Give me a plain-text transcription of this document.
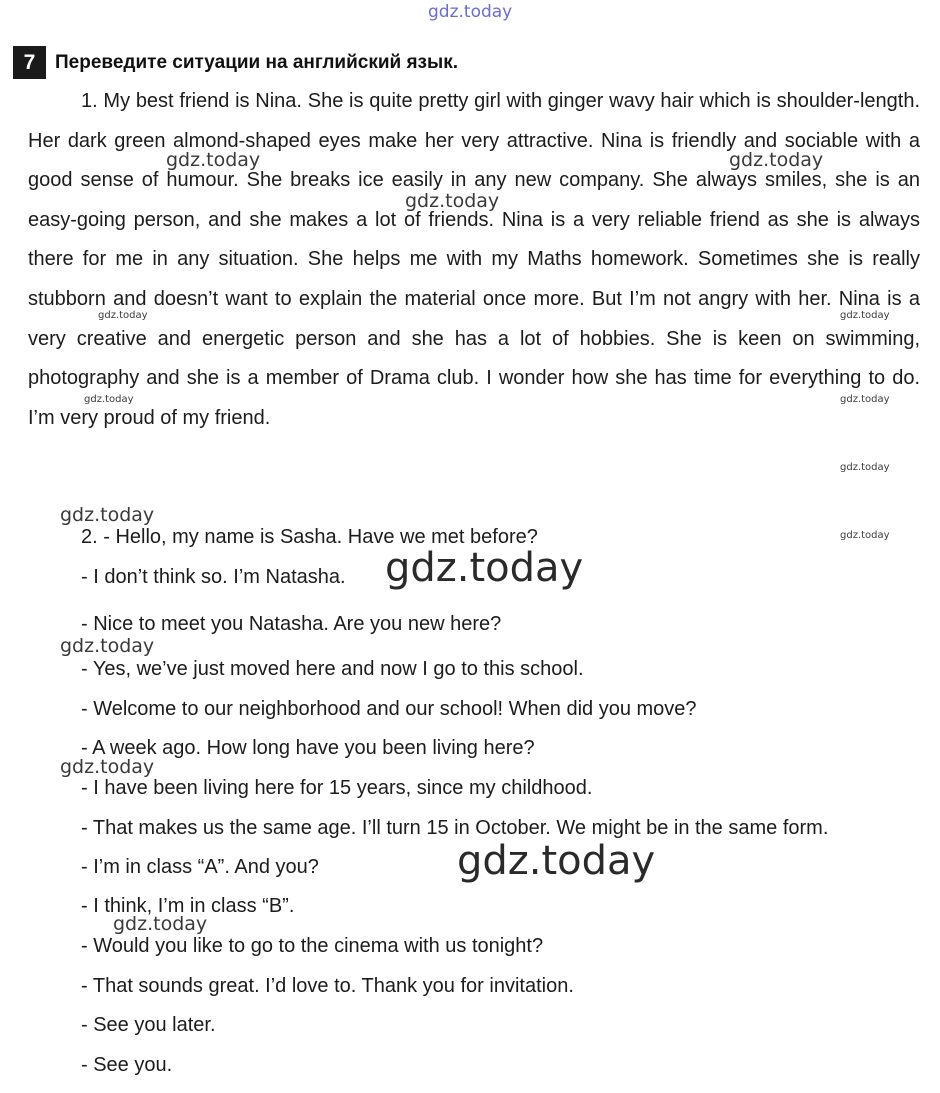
gdz.today
7	Переведите ситуации на английский язык.

1. My best friend is Nina. She is quite pretty girl with ginger wavy hair which is shoulder-length. Her dark green almond-shaped eyes make her very attractive. Nina is friendly and sociable with a good sense of humour. She breaks ice easily in any new company. She always smiles, she is an easy-going person, and she makes a lot of friends. Nina is a very reliable friend as she is always there for me in any situation. She helps me with my Maths homework. Sometimes she is really stubborn and doesn’t want to explain the material once more. But I’m not angry with her. Nina is a very creative and energetic person and she has a lot of hobbies. She is keen on swimming, photography and she is a member of Drama club. I wonder how she has time for everything to do. I’m very proud of my friend.

2. - Hello, my name is Sasha. Have we met before?
- I don’t think so. I’m Natasha.
- Nice to meet you Natasha. Are you new here?
- Yes, we’ve just moved here and now I go to this school.
- Welcome to our neighborhood and our school! When did you move?
- A week ago. How long have you been living here?
- I have been living here for 15 years, since my childhood.
- That makes us the same age. I’ll turn 15 in October. We might be in the same form.
- I’m in class “A”. And you?
- I think, I’m in class “B”.
- Would you like to go to the cinema with us tonight?
- That sounds great. I’d love to. Thank you for invitation.
- See you later.
- See you.
gdz.today	gdz.today
gdz.today
gdz.today	gdz.today
gdz.today	gdz.today
gdz.today
gdz.today
gdz.today
gdz.today
gdz.today
gdz.today
gdz.today
gdz.today
